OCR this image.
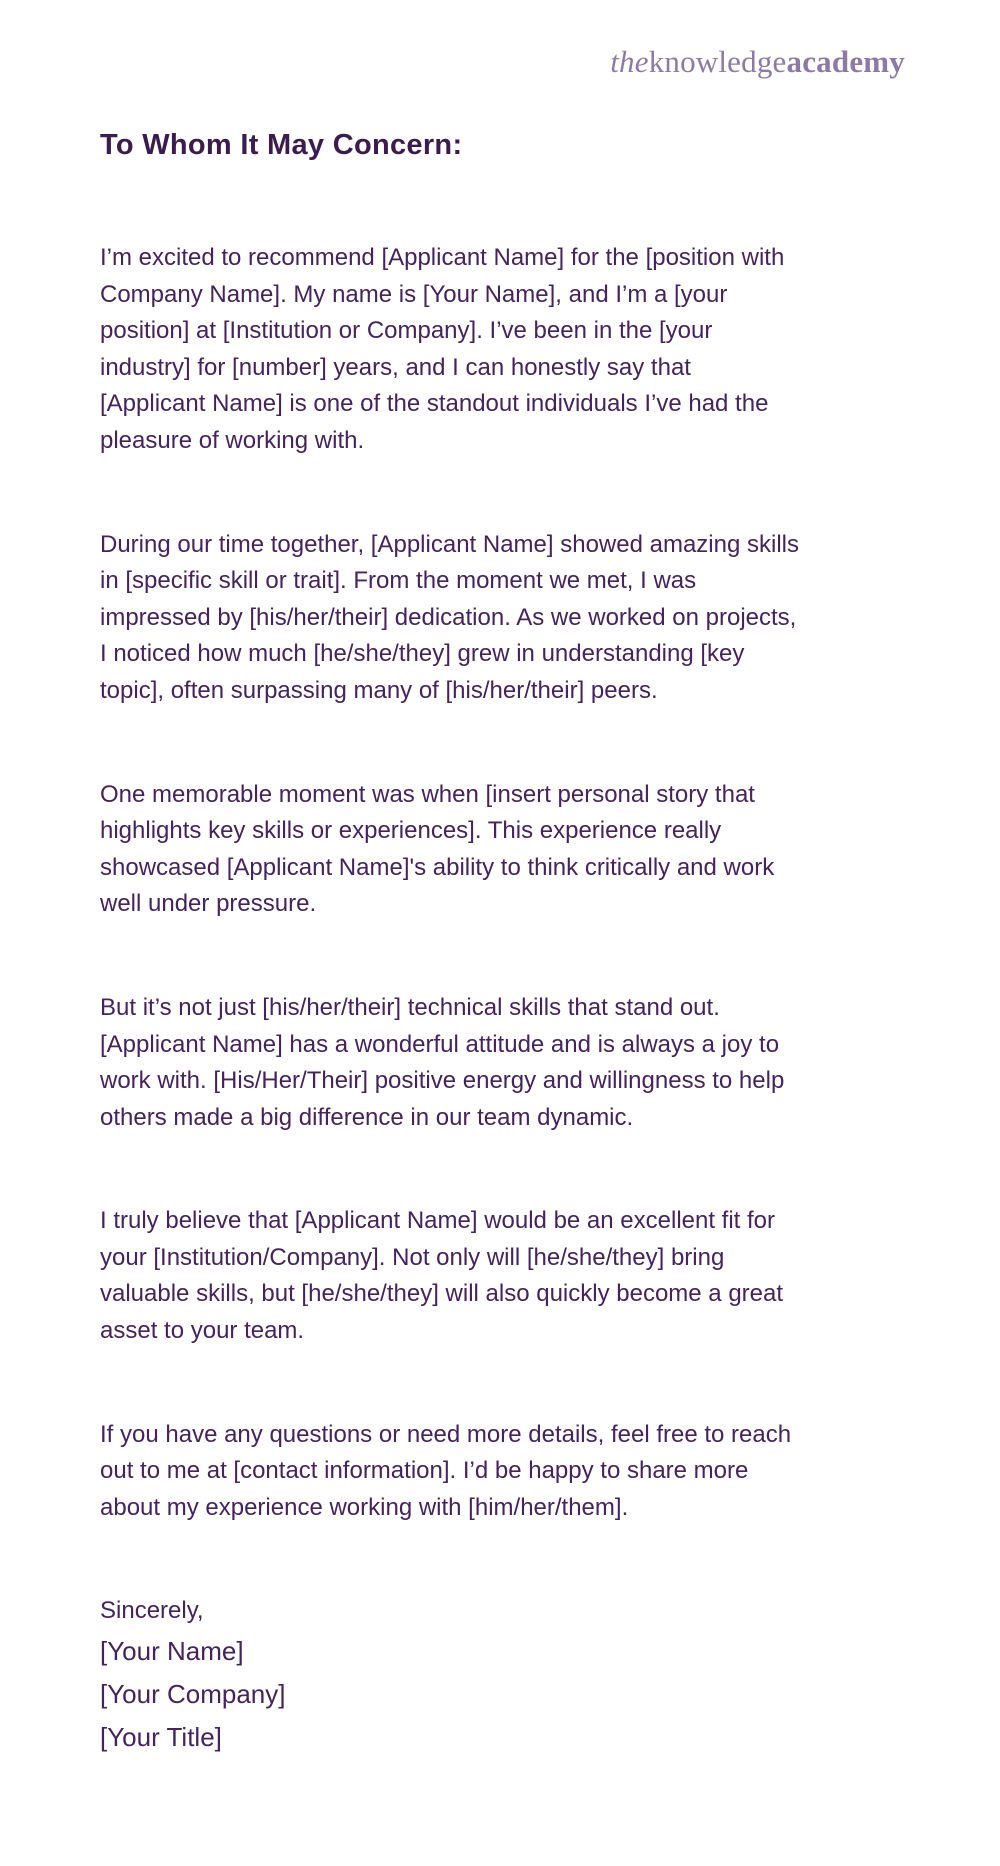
theknowledgeacademy
To Whom It May Concern:
I’m excited to recommend [Applicant Name] for the [position with
Company Name]. My name is [Your Name], and I’m a [your
position] at [Institution or Company]. I’ve been in the [your
industry] for [number] years, and I can honestly say that
[Applicant Name] is one of the standout individuals I’ve had the
pleasure of working with.
During our time together, [Applicant Name] showed amazing skills
in [specific skill or trait]. From the moment we met, I was
impressed by [his/her/their] dedication. As we worked on projects,
I noticed how much [he/she/they] grew in understanding [key
topic], often surpassing many of [his/her/their] peers.
One memorable moment was when [insert personal story that
highlights key skills or experiences]. This experience really
showcased [Applicant Name]'s ability to think critically and work
well under pressure.
But it’s not just [his/her/their] technical skills that stand out.
[Applicant Name] has a wonderful attitude and is always a joy to
work with. [His/Her/Their] positive energy and willingness to help
others made a big difference in our team dynamic.
I truly believe that [Applicant Name] would be an excellent fit for
your [Institution/Company]. Not only will [he/she/they] bring
valuable skills, but [he/she/they] will also quickly become a great
asset to your team.
If you have any questions or need more details, feel free to reach
out to me at [contact information]. I’d be happy to share more
about my experience working with [him/her/them].
Sincerely,
[Your Name]
[Your Company]
[Your Title]
